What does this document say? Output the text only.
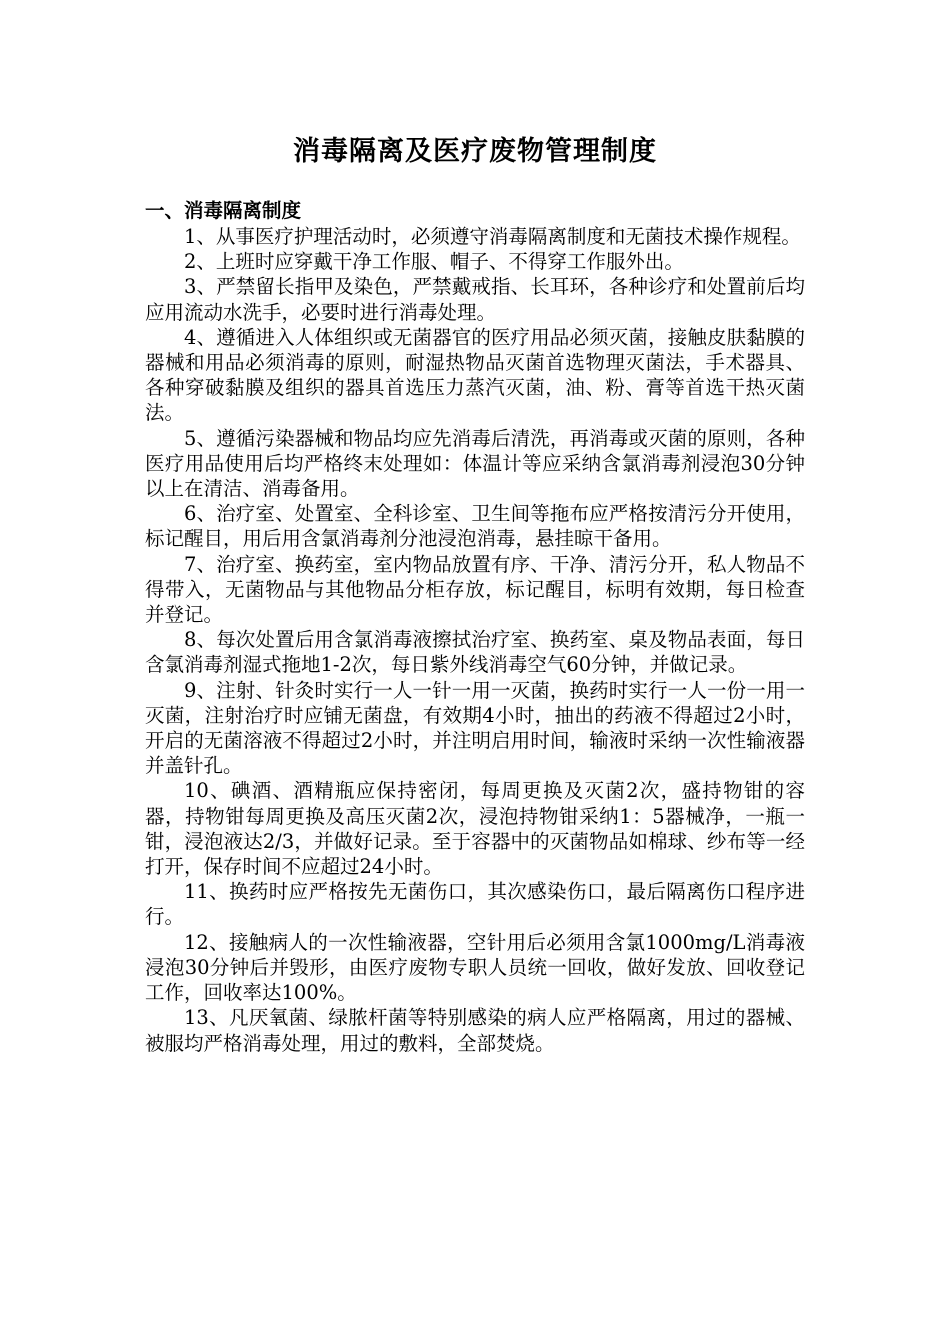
消毒隔离及医疗废物管理制度
一、消毒隔离制度

1、从事医疗护理活动时，必须遵守消毒隔离制度和无菌技术操作规程。

2、上班时应穿戴干净工作服、帽子、不得穿工作服外出。

3、严禁留长指甲及染色，严禁戴戒指、长耳环，各种诊疗和处置前后均应用流动水洗手，必要时进行消毒处理。

4、遵循进入人体组织或无菌器官的医疗用品必须灭菌，接触皮肤黏膜的器械和用品必须消毒的原则，耐湿热物品灭菌首选物理灭菌法，手术器具、各种穿破黏膜及组织的器具首选压力蒸汽灭菌，油、粉、膏等首选干热灭菌法。

5、遵循污染器械和物品均应先消毒后清洗，再消毒或灭菌的原则，各种医疗用品使用后均严格终末处理如：体温计等应采纳含氯消毒剂浸泡30分钟以上在清洁、消毒备用。

6、治疗室、处置室、全科诊室、卫生间等拖布应严格按清污分开使用，标记醒目，用后用含氯消毒剂分池浸泡消毒，悬挂晾干备用。

7、治疗室、换药室，室内物品放置有序、干净、清污分开，私人物品不得带入，无菌物品与其他物品分柜存放，标记醒目，标明有效期，每日检查并登记。

8、每次处置后用含氯消毒液擦拭治疗室、换药室、桌及物品表面，每日含氯消毒剂湿式拖地1-2次，每日紫外线消毒空气60分钟，并做记录。

9、注射、针灸时实行一人一针一用一灭菌，换药时实行一人一份一用一灭菌，注射治疗时应铺无菌盘，有效期4小时，抽出的药液不得超过2小时，开启的无菌溶液不得超过2小时，并注明启用时间，输液时采纳一次性输液器并盖针孔。

10、碘酒、酒精瓶应保持密闭，每周更换及灭菌2次，盛持物钳的容器，持物钳每周更换及高压灭菌2次，浸泡持物钳采纳1：5器械净，一瓶一钳，浸泡液达2/3，并做好记录。至于容器中的灭菌物品如棉球、纱布等一经打开，保存时间不应超过24小时。

11、换药时应严格按先无菌伤口，其次感染伤口，最后隔离伤口程序进行。

12、接触病人的一次性输液器，空针用后必须用含氯1000mg/L消毒液浸泡30分钟后并毁形，由医疗废物专职人员统一回收，做好发放、回收登记工作，回收率达100%。

13、凡厌氧菌、绿脓杆菌等特别感染的病人应严格隔离，用过的器械、被服均严格消毒处理，用过的敷料，全部焚烧。
